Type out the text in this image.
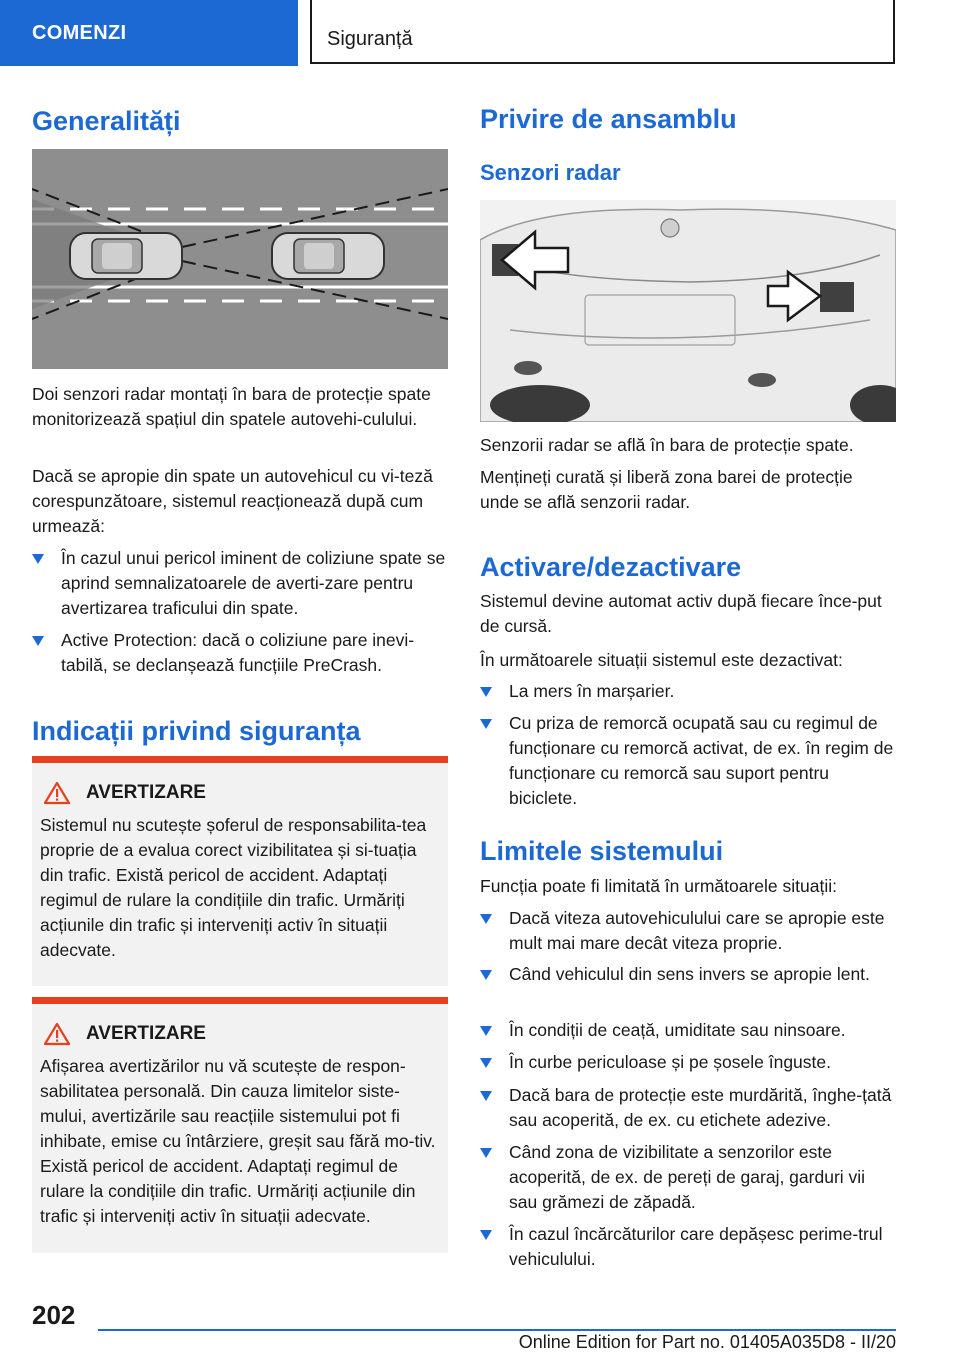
COMENZI	Siguranță
Generalități
Doi senzori radar montați în bara de protecție spate monitorizează spațiul din spatele autovehi-culului.
Dacă se apropie din spate un autovehicul cu vi-teză corespunzătoare, sistemul reacționează după cum urmează:
În cazul unui pericol iminent de coliziune spate se aprind semnalizatoarele de averti-zare pentru avertizarea traficului din spate.
Active Protection: dacă o coliziune pare inevi-tabilă, se declanșează funcțiile PreCrash.
Indicații privind siguranța
AVERTIZARE
Sistemul nu scutește șoferul de responsabilita-tea proprie de a evalua corect vizibilitatea și si-tuația din trafic. Există pericol de accident. Adaptați regimul de rulare la condițiile din trafic. Urmăriți acțiunile din trafic și interveniți activ în situații adecvate.
AVERTIZARE
Afișarea avertizărilor nu vă scutește de respon-sabilitatea personală. Din cauza limitelor siste-mului, avertizările sau reacțiile sistemului pot fi inhibate, emise cu întârziere, greșit sau fără mo-tiv. Există pericol de accident. Adaptați regimul de rulare la condițiile din trafic. Urmăriți acțiunile din trafic și interveniți activ în situații adecvate.
Privire de ansamblu
Senzori radar
Senzorii radar se află în bara de protecție spate.
Mențineți curată și liberă zona barei de protecție unde se află senzorii radar.
Activare/dezactivare
Sistemul devine automat activ după fiecare înce-put de cursă.
În următoarele situații sistemul este dezactivat:
La mers în marșarier.
Cu priza de remorcă ocupată sau cu regimul de funcționare cu remorcă activat, de ex. în regim de funcționare cu remorcă sau suport pentru biciclete.
Limitele sistemului
Funcția poate fi limitată în următoarele situații:
Dacă viteza autovehiculului care se apropie este mult mai mare decât viteza proprie.
Când vehiculul din sens invers se apropie lent.
În condiții de ceață, umiditate sau ninsoare.
În curbe periculoase și pe șosele înguste.
Dacă bara de protecție este murdărită, înghe-țată sau acoperită, de ex. cu etichete adezive.
Când zona de vizibilitate a senzorilor este acoperită, de ex. de pereți de garaj, garduri vii sau grămezi de zăpadă.
În cazul încărcăturilor care depășesc perime-trul vehiculului.
202
Online Edition for Part no. 01405A035D8 - II/20
